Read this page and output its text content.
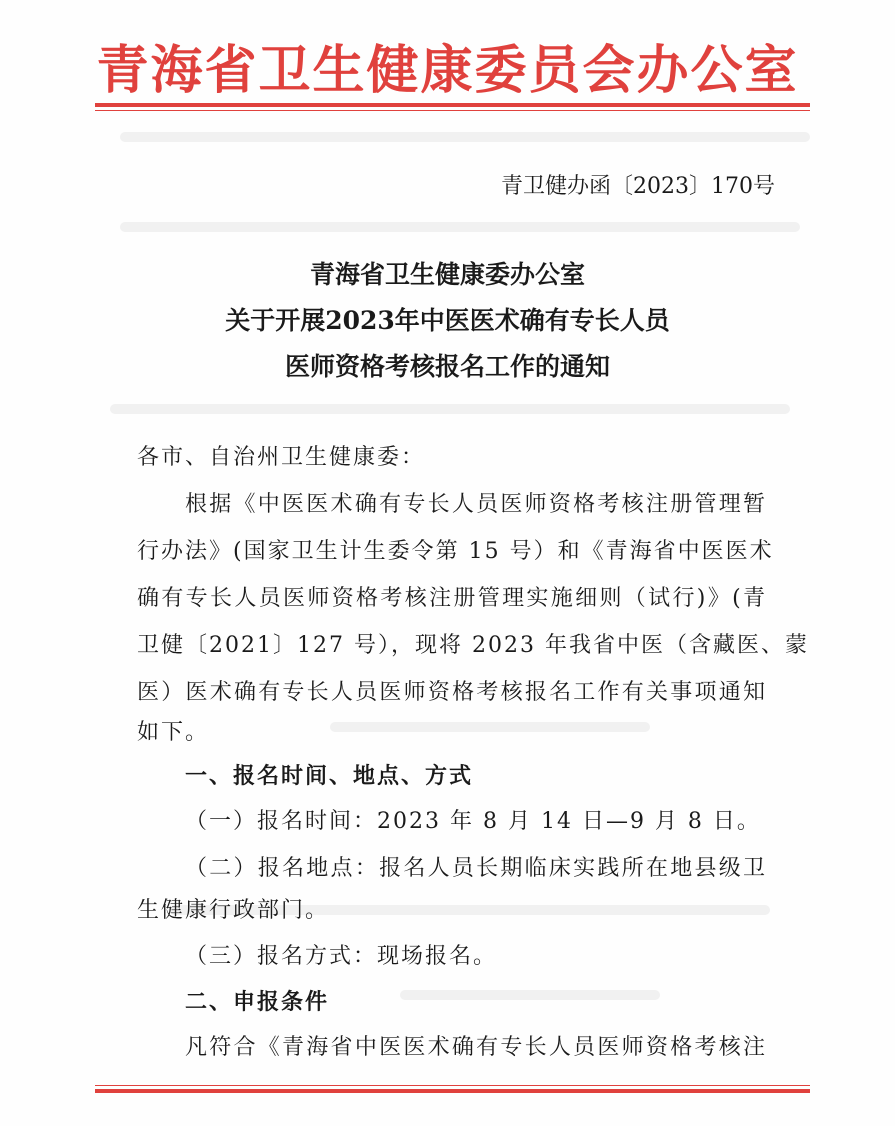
青海省卫生健康委员会办公室
青卫健办函〔2023〕170号
青海省卫生健康委办公室
关于开展2023年中医医术确有专长人员
医师资格考核报名工作的通知
各市、自治州卫生健康委：
根据《中医医术确有专长人员医师资格考核注册管理暂
行办法》(国家卫生计生委令第 15 号）和《青海省中医医术
确有专长人员医师资格考核注册管理实施细则（试行)》(青
卫健〔2021〕127 号），现将 2023 年我省中医（含藏医、蒙
医）医术确有专长人员医师资格考核报名工作有关事项通知
如下。
一、报名时间、地点、方式
（一）报名时间：2023 年 8 月 14 日—9 月 8 日。
（二）报名地点：报名人员长期临床实践所在地县级卫
生健康行政部门。
（三）报名方式：现场报名。
二、申报条件
凡符合《青海省中医医术确有专长人员医师资格考核注
